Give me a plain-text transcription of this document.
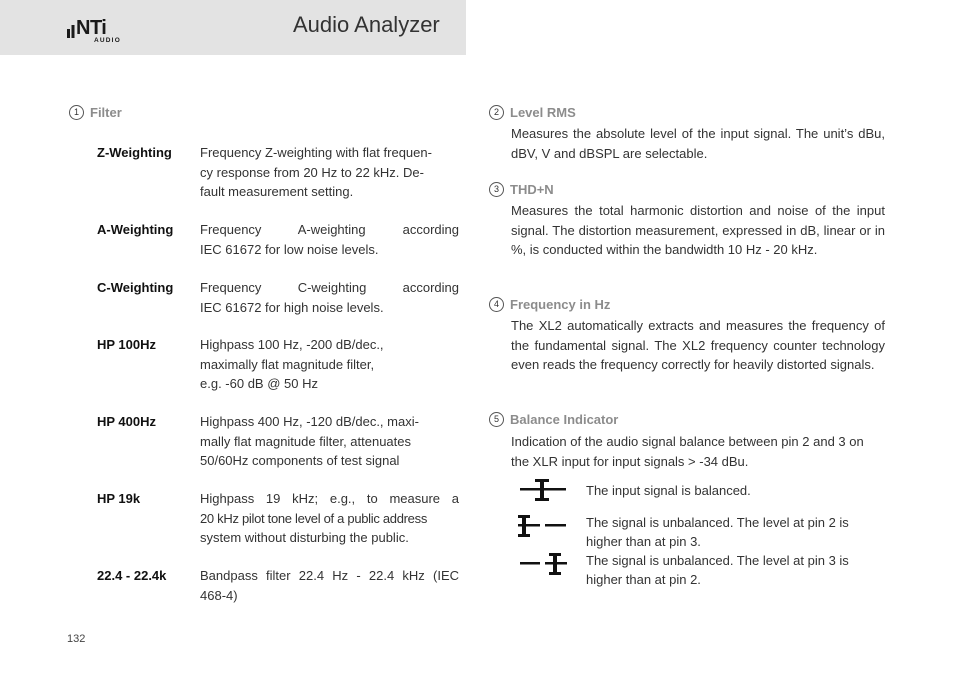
NTi
AUDIO
Audio Analyzer
1 Filter
Z-Weighting	Frequency Z-weighting with flat frequen-
cy response from 20 Hz to 22 kHz. De-
fault measurement setting.
A-Weighting	Frequency A-weighting according
IEC 61672 for low noise levels.
C-Weighting	Frequency C-weighting according
IEC 61672 for high noise levels.
HP 100Hz	Highpass 100 Hz, -200 dB/dec.,
maximally flat magnitude filter,
e.g. -60 dB @ 50 Hz
HP 400Hz	Highpass 400 Hz, -120 dB/dec., maxi-
mally flat magnitude filter, attenuates
50/60Hz components of test signal
HP 19k	Highpass 19 kHz; e.g., to measure a
20 kHz pilot tone level of a public address
system without disturbing the public.
22.4 - 22.4k	Bandpass filter 22.4 Hz - 22.4 kHz (IEC
468-4)
2 Level RMS

Measures the absolute level of the input signal. The unit’s dBu, dBV, V and dBSPL are selectable.

3 THD+N

Measures the total harmonic distortion and noise of the input signal. The distortion measurement, expressed in dB, linear or in %, is conducted within the bandwidth 10 Hz - 20 kHz.

4 Frequency in Hz

The XL2 automatically extracts and measures the frequency of the fundamental signal. The XL2 frequency counter technology even reads the frequency correctly for heavily distorted signals.

5 Balance Indicator

Indication of the audio signal balance between pin 2 and 3 on the XLR input for input signals > -34 dBu.

The input signal is balanced.
The signal is unbalanced. The level at pin 2 is higher than at pin 3.
The signal is unbalanced. The level at pin 3 is higher than at pin 2.
132
